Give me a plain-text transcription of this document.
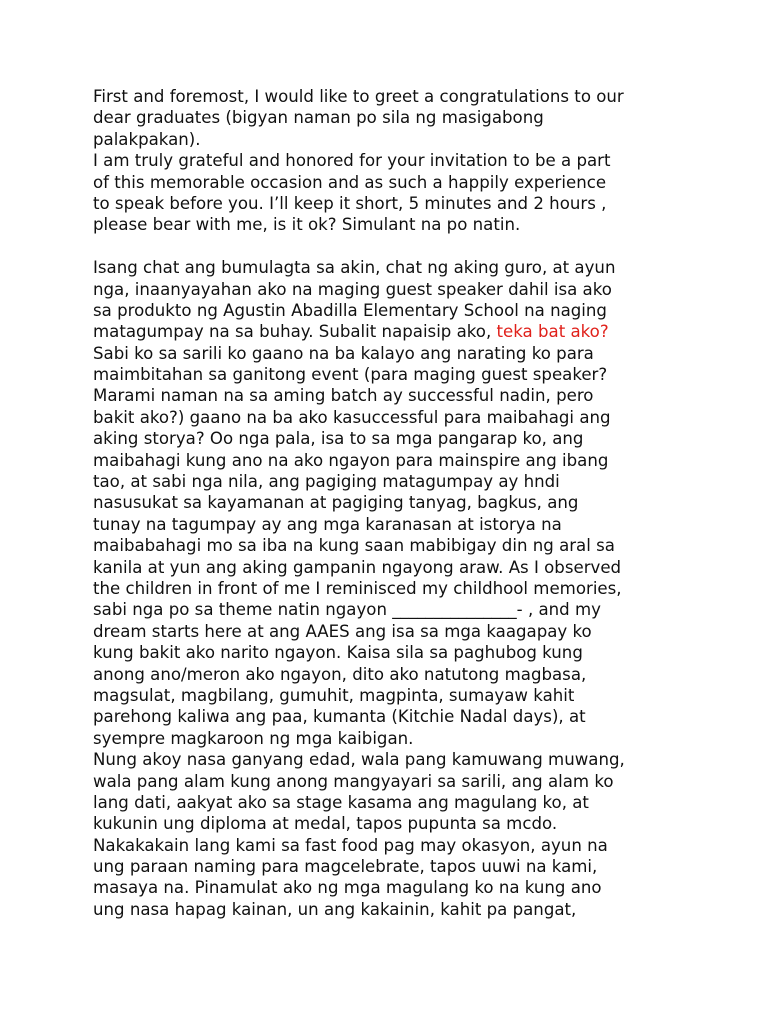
First and foremost, I would like to greet a congratulations to our
dear graduates (bigyan naman po sila ng masigabong
palakpakan).
I am truly grateful and honored for your invitation to be a part
of this memorable occasion and as such a happily experience
to speak before you. I’ll keep it short, 5 minutes and 2 hours ,
please bear with me, is it ok? Simulant na po natin.
Isang chat ang bumulagta sa akin, chat ng aking guro, at ayun
nga, inaanyayahan ako na maging guest speaker dahil isa ako
sa produkto ng Agustin Abadilla Elementary School na naging
matagumpay na sa buhay. Subalit napaisip ako, teka bat ako?
Sabi ko sa sarili ko gaano na ba kalayo ang narating ko para
maimbitahan sa ganitong event (para maging guest speaker?
Marami naman na sa aming batch ay successful nadin, pero
bakit ako?) gaano na ba ako kasuccessful para maibahagi ang
aking storya? Oo nga pala, isa to sa mga pangarap ko, ang
maibahagi kung ano na ako ngayon para mainspire ang ibang
tao, at sabi nga nila, ang pagiging matagumpay ay hndi
nasusukat sa kayamanan at pagiging tanyag, bagkus, ang
tunay na tagumpay ay ang mga karanasan at istorya na
maibabahagi mo sa iba na kung saan mabibigay din ng aral sa
kanila at yun ang aking gampanin ngayong araw. As I observed
the children in front of me I reminisced my childhool memories,
sabi nga po sa theme natin ngayon _______________- , and my
dream starts here at ang AAES ang isa sa mga kaagapay ko
kung bakit ako narito ngayon. Kaisa sila sa paghubog kung
anong ano/meron ako ngayon, dito ako natutong magbasa,
magsulat, magbilang, gumuhit, magpinta, sumayaw kahit
parehong kaliwa ang paa, kumanta (Kitchie Nadal days), at
syempre magkaroon ng mga kaibigan.
Nung akoy nasa ganyang edad, wala pang kamuwang muwang,
wala pang alam kung anong mangyayari sa sarili, ang alam ko
lang dati, aakyat ako sa stage kasama ang magulang ko, at
kukunin ung diploma at medal, tapos pupunta sa mcdo.
Nakakakain lang kami sa fast food pag may okasyon, ayun na
ung paraan naming para magcelebrate, tapos uuwi na kami,
masaya na. Pinamulat ako ng mga magulang ko na kung ano
ung nasa hapag kainan, un ang kakainin, kahit pa pangat,
